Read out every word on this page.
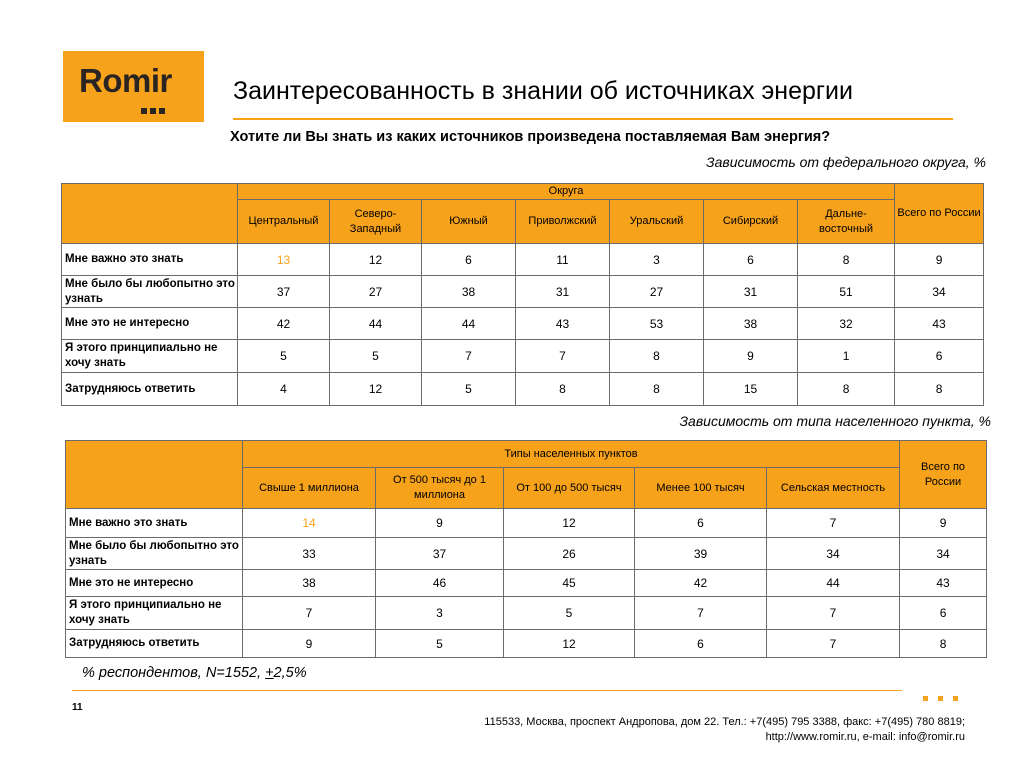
Romir Заинтересованность в знании об источниках энергии
Хотите ли Вы знать из каких источников произведена поставляемая Вам энергия?
Зависимость от федерального округа, %
	Округа							Всего по России
	Центральный	Северо-Западный	Южный	Приволжский	Уральский	Сибирский	Дальне-восточный	
Мне важно это знать	13	12	6	11	3	6	8	9
Мне было бы любопытно это узнать	37	27	38	31	27	31	51	34
Мне это не интересно	42	44	44	43	53	38	32	43
Я этого принципиально не хочу знать	5	5	7	7	8	9	1	6
Затрудняюсь ответить	4	12	5	8	8	15	8	8
Зависимость от типа населенного пункта, %
	Типы населенных пунктов					Всего по России
	Свыше 1 миллиона	От 500 тысяч до 1 миллиона	От 100 до 500 тысяч	Менее 100 тысяч	Сельская местность	
Мне важно это знать	14	9	12	6	7	9
Мне было бы любопытно это узнать	33	37	26	39	34	34
Мне это не интересно	38	46	45	42	44	43
Я этого принципиально не хочу знать	7	3	5	7	7	6
Затрудняюсь ответить	9	5	12	6	7	8
% респондентов, N=1552, +2,5%
11
115533, Москва, проспект Андропова, дом 22. Тел.: +7(495) 795 3388, факс: +7(495) 780 8819;
http://www.romir.ru, e-mail: info@romir.ru
